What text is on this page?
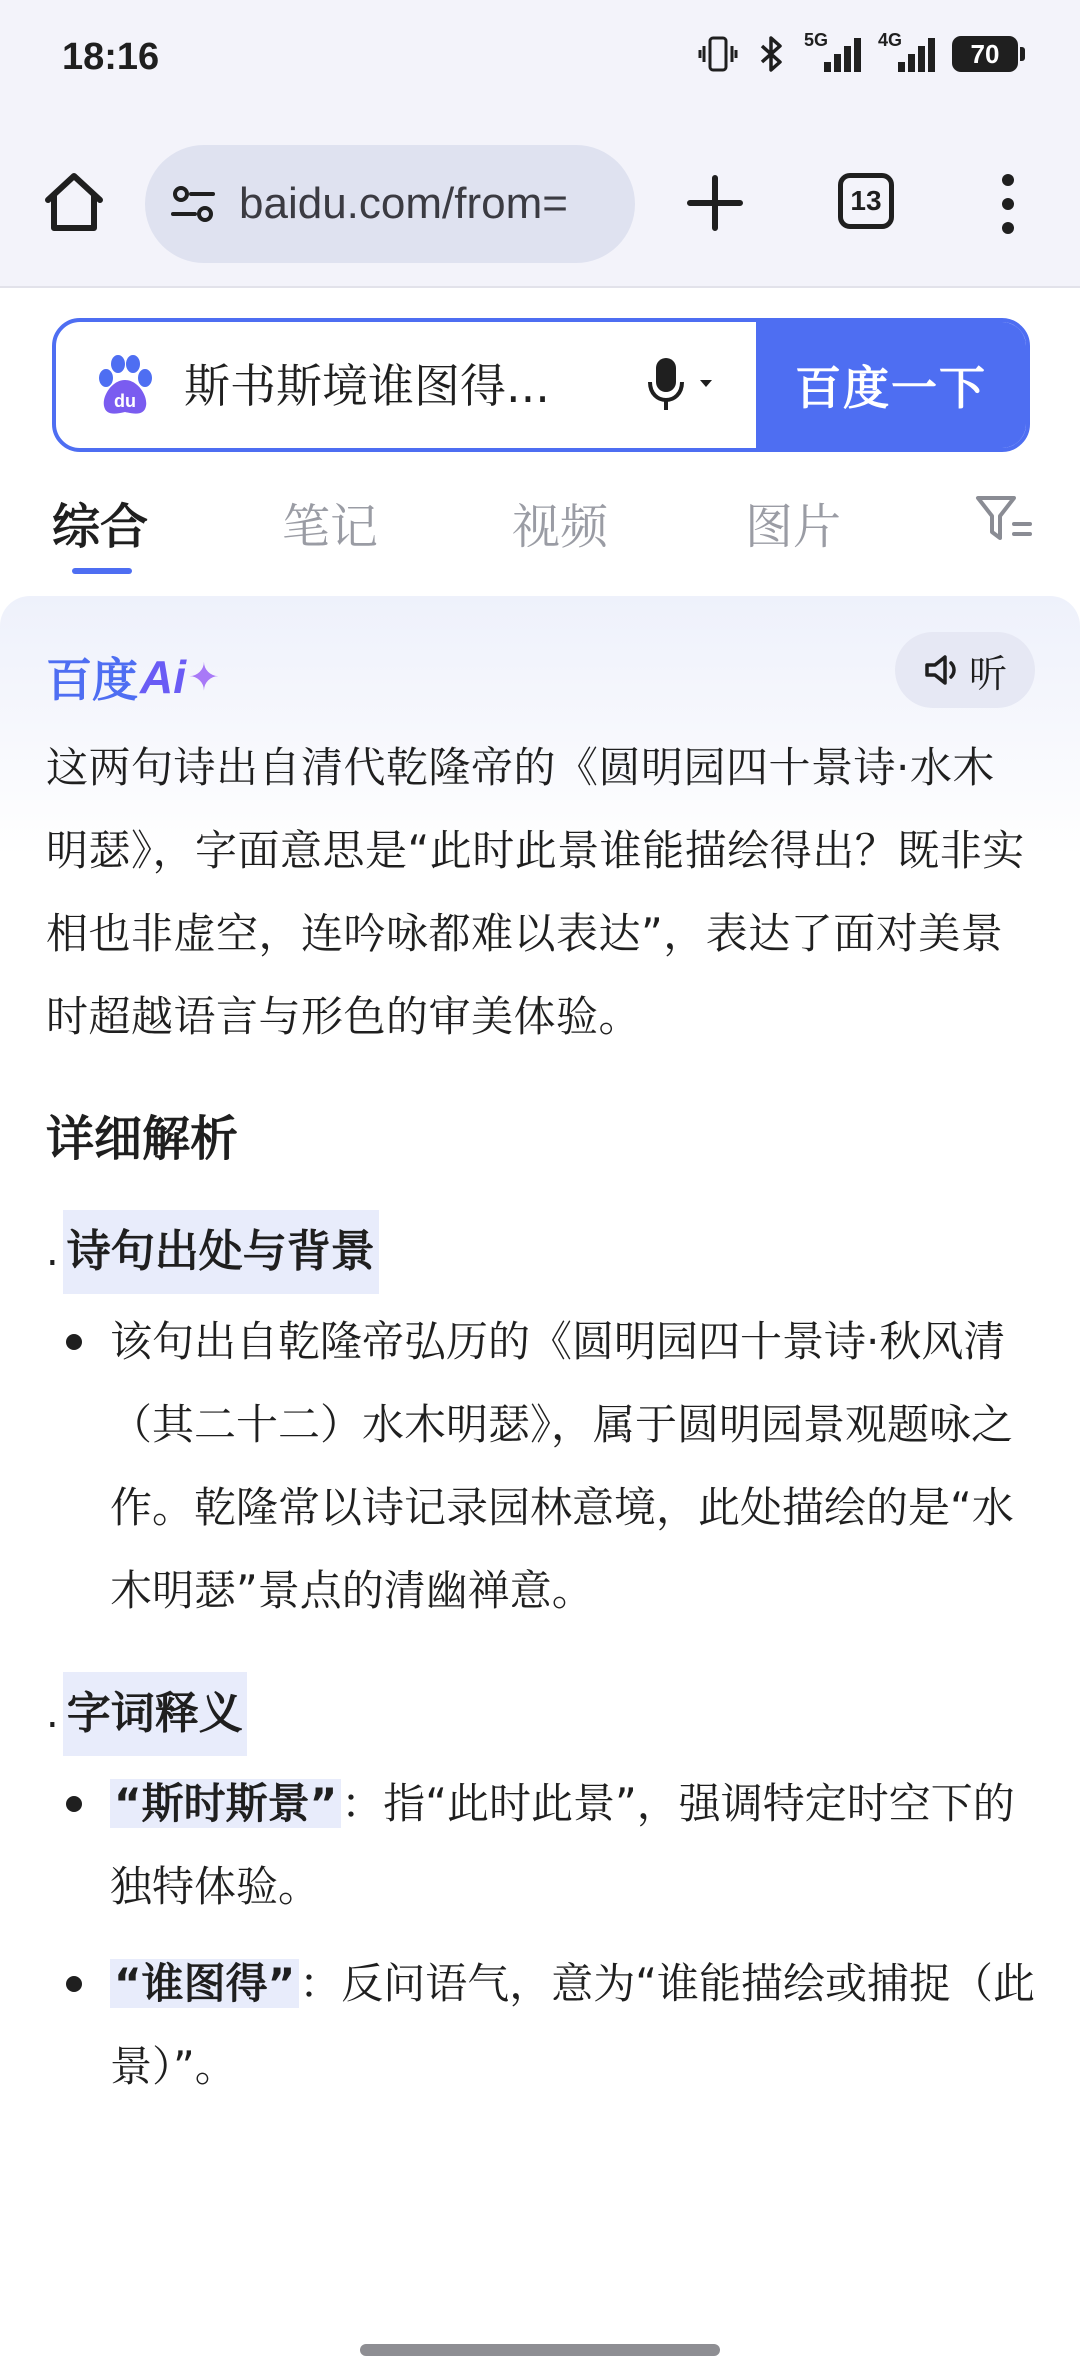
18:16	5G	4G	70
baidu.com/from=	13
du 斯书斯境谁图得...	百度一下
综合	笔记	视频	图片
百度 Ai ✦	听

这两句诗出自清代乾隆帝的《圆明园四十景诗·水木明瑟》，字面意思是“此时此景谁能描绘得出？既非实相也非虚空，连吟咏都难以表达”，表达了面对美景时超越语言与形色的审美体验。

详细解析
. 诗句出处与背景
该句出自乾隆帝弘历的《圆明园四十景诗·秋风清（其二十二）水木明瑟》，属于圆明园景观题咏之作。乾隆常以诗记录园林意境，此处描绘的是“水木明瑟”景点的清幽禅意。
. 字词释义
“斯时斯景”：指“此时此景”，强调特定时空下的独特体验。
“谁图得”：反问语气，意为“谁能描绘或捕捉（此景）”。
